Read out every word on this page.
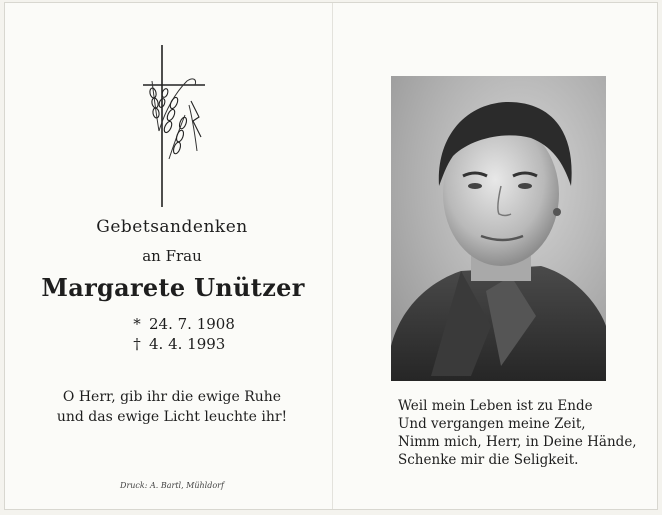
Gebetsandenken

an Frau

Margarete Unützer

* 24. 7. 1908
† 4. 4. 1993
O Herr, gib ihr die ewige Ruhe
und das ewige Licht leuchte ihr!

Druck: A. Bartl, Mühldorf

Weil mein Leben ist zu Ende
Und vergangen meine Zeit,
Nimm mich, Herr, in Deine Hände,
Schenke mir die Seligkeit.
